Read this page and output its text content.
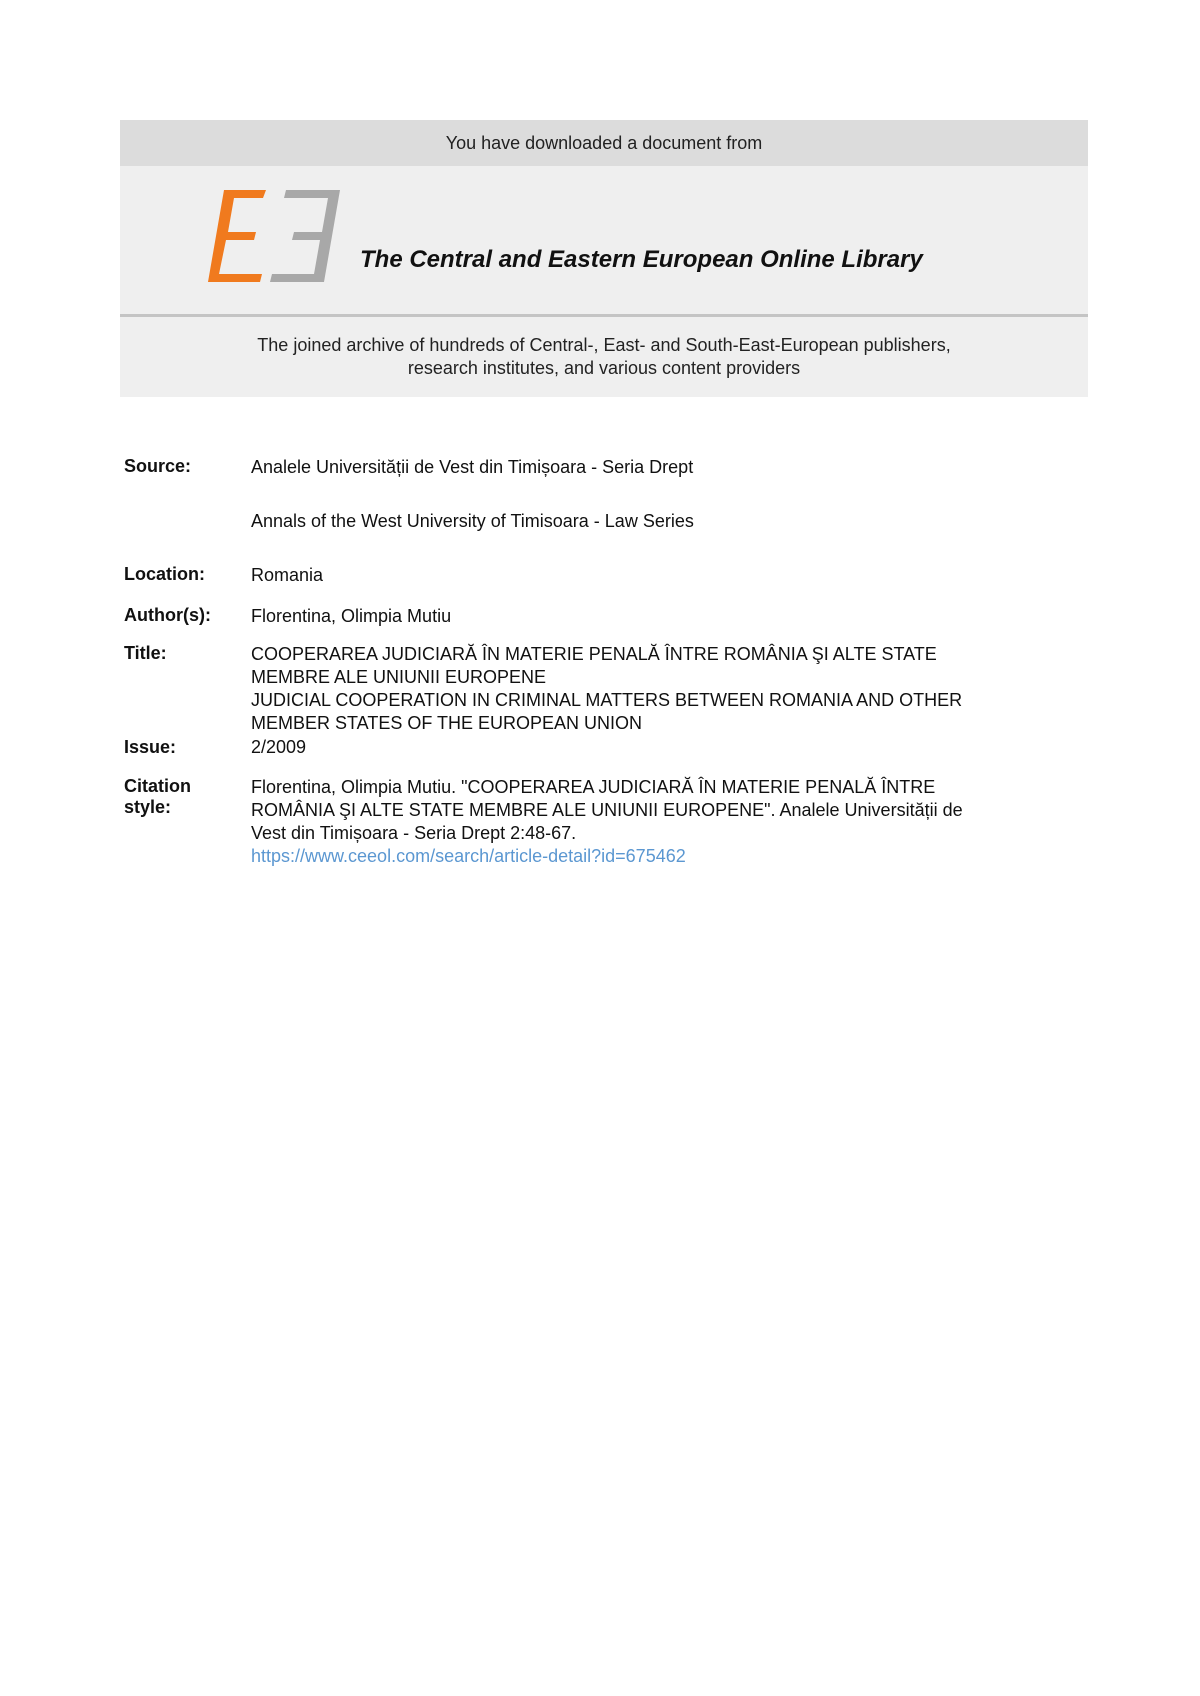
You have downloaded a document from
The Central and Eastern European Online Library
The joined archive of hundreds of Central-, East- and South-East-European publishers,
research institutes, and various content providers
Source:	Analele Universității de Vest din Timișoara - Seria Drept
Annals of the West University of Timisoara - Law Series
Location:	Romania
Author(s):	Florentina, Olimpia Mutiu
Title:	COOPERAREA JUDICIARĂ ÎN MATERIE PENALĂ ÎNTRE ROMÂNIA ŞI ALTE STATE
MEMBRE ALE UNIUNII EUROPENE
JUDICIAL COOPERATION IN CRIMINAL MATTERS BETWEEN ROMANIA AND OTHER
MEMBER STATES OF THE EUROPEAN UNION
Issue:	2/2009
Citation
style:
Florentina, Olimpia Mutiu. "COOPERAREA JUDICIARĂ ÎN MATERIE PENALĂ ÎNTRE
ROMÂNIA ŞI ALTE STATE MEMBRE ALE UNIUNII EUROPENE". Analele Universității de
Vest din Timișoara - Seria Drept 2:48-67.
https://www.ceeol.com/search/article-detail?id=675462
